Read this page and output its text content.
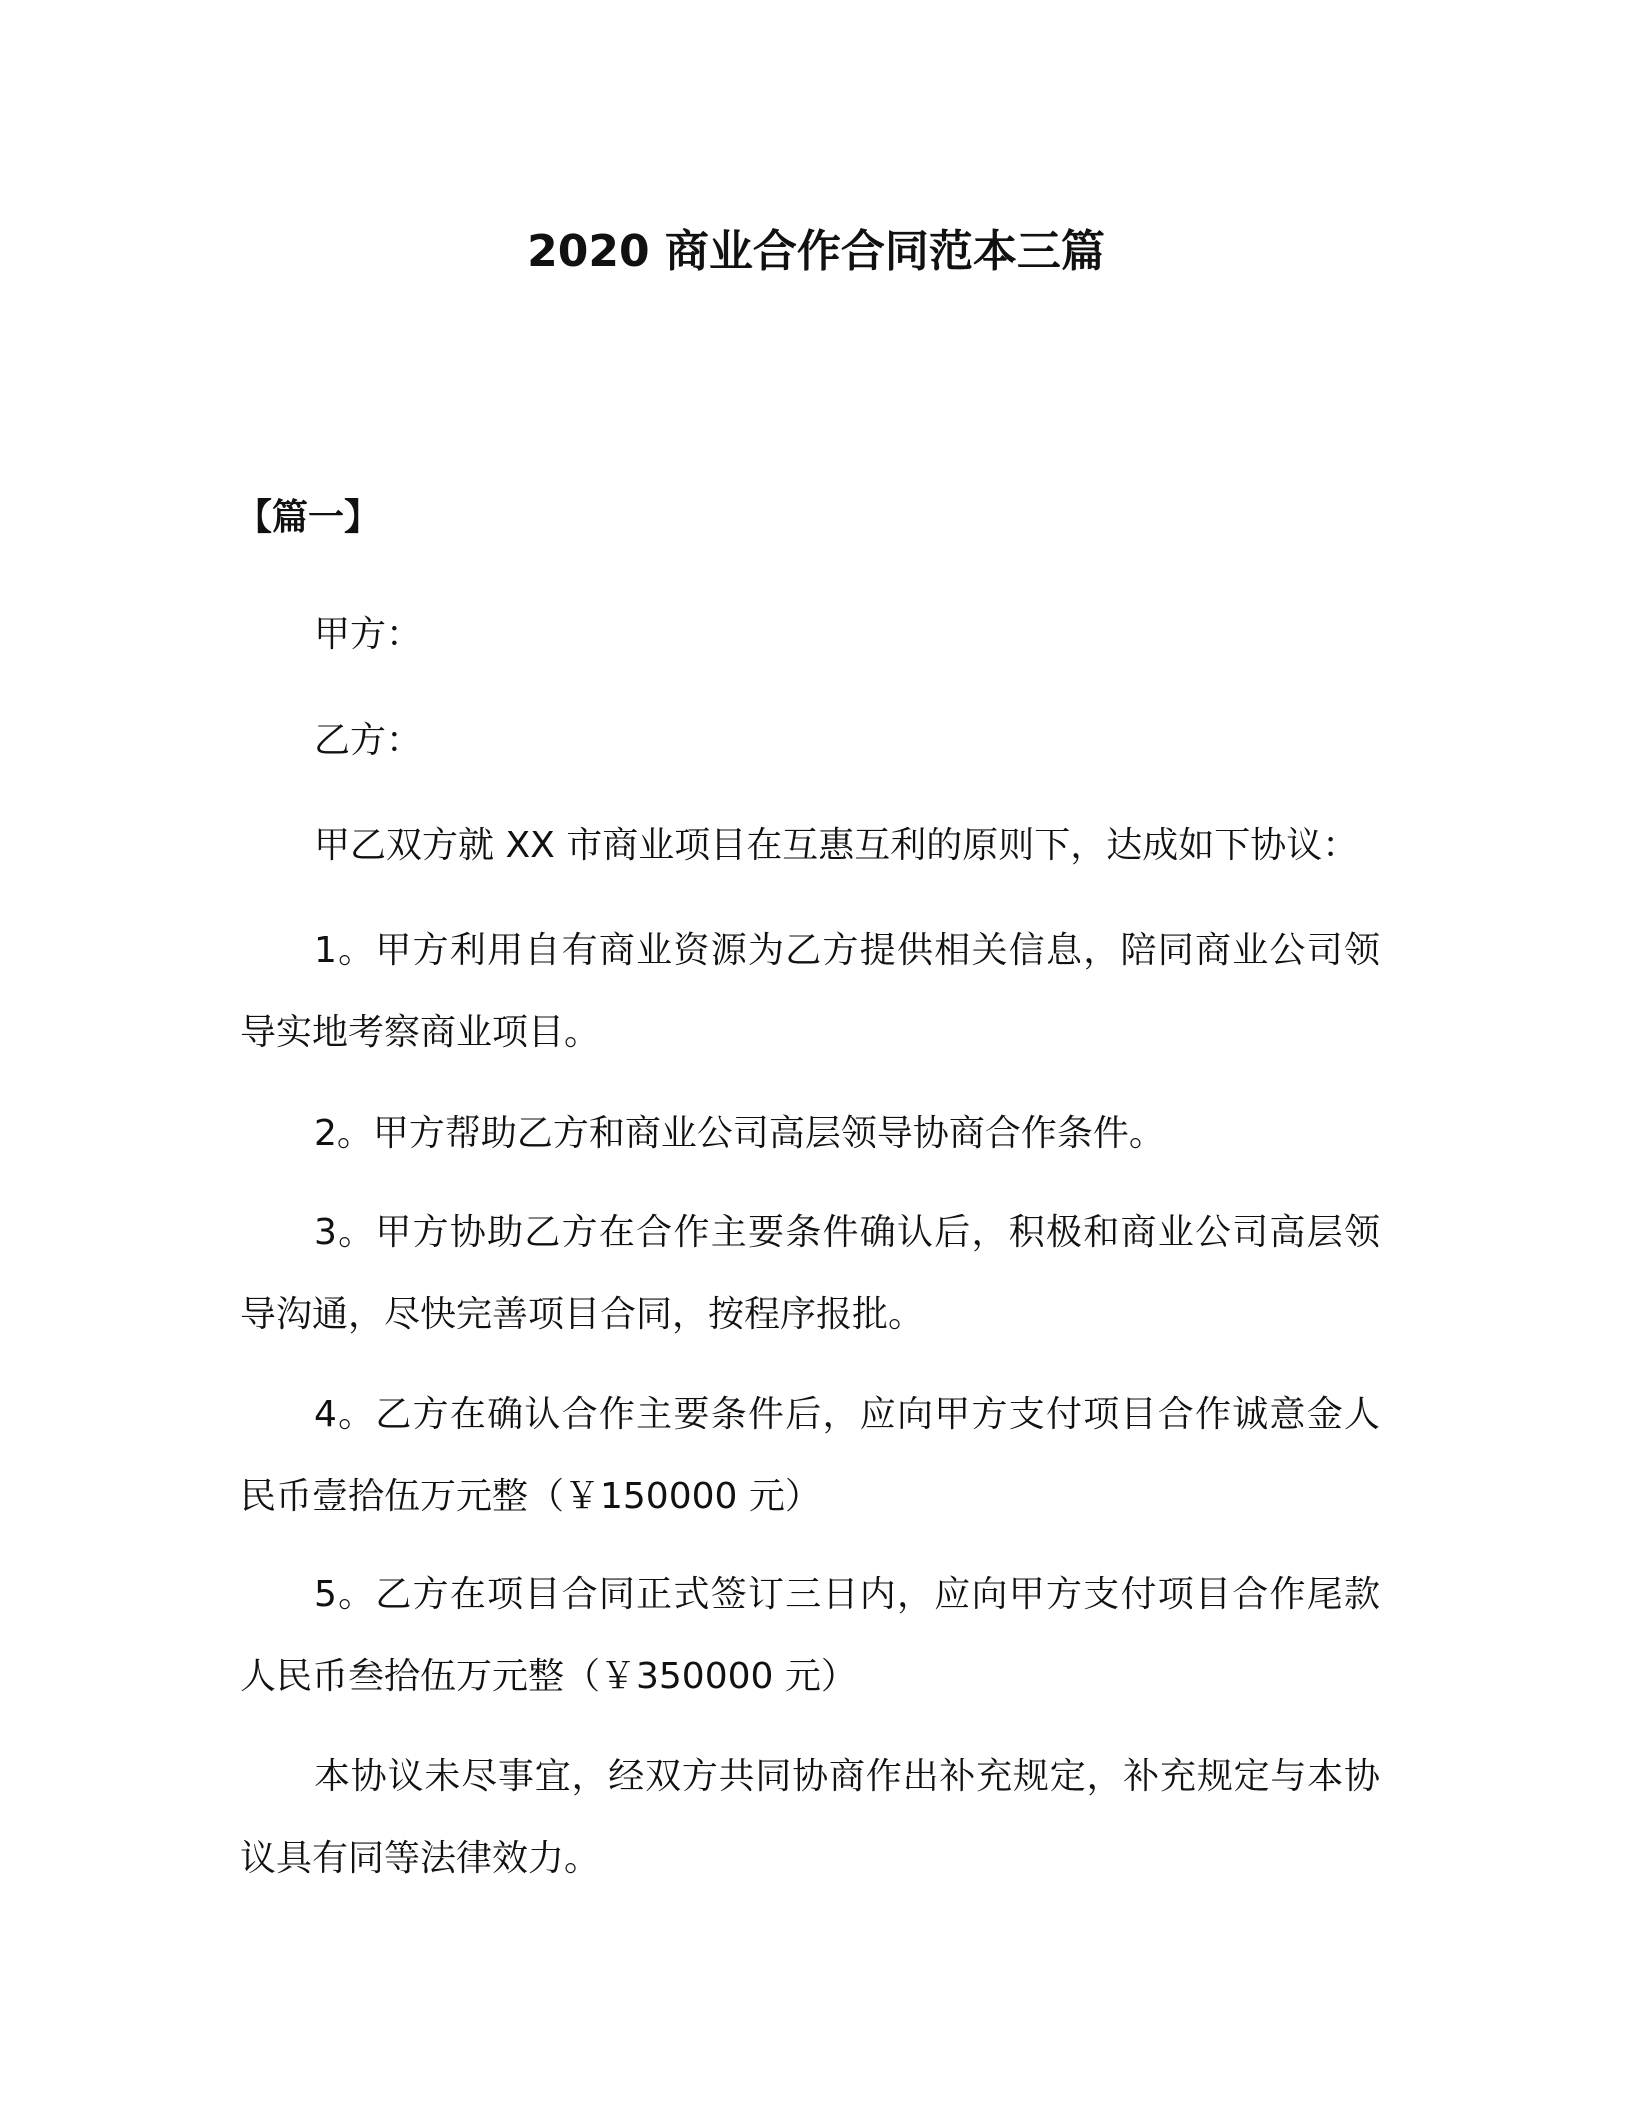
2020 商业合作合同范本三篇
【篇一】

甲方：

乙方：

甲乙双方就 XX 市商业项目在互惠互利的原则下，达成如下协议：

1。甲方利用自有商业资源为乙方提供相关信息，陪同商业公司领导实地考察商业项目。

2。甲方帮助乙方和商业公司高层领导协商合作条件。

3。甲方协助乙方在合作主要条件确认后，积极和商业公司高层领导沟通，尽快完善项目合同，按程序报批。

4。乙方在确认合作主要条件后，应向甲方支付项目合作诚意金人民币壹拾伍万元整（￥150000 元）

5。乙方在项目合同正式签订三日内，应向甲方支付项目合作尾款人民币叁拾伍万元整（￥350000 元）

本协议未尽事宜，经双方共同协商作出补充规定，补充规定与本协议具有同等法律效力。
